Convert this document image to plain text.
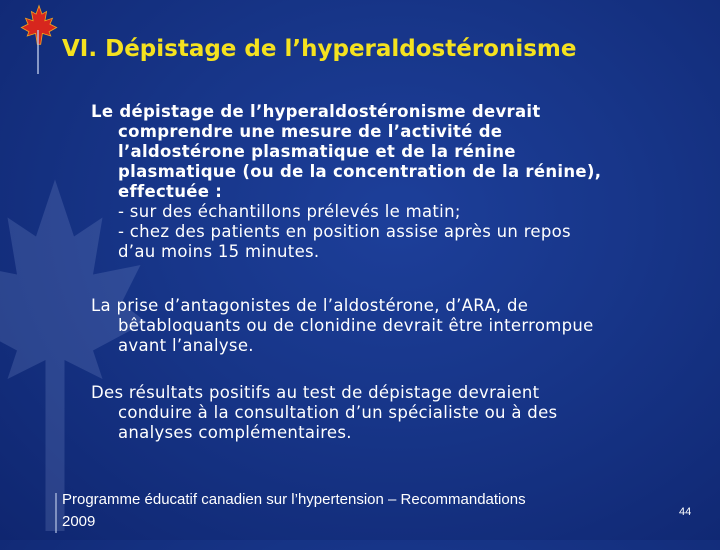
VI. Dépistage de l’hyperaldostéronisme
Le dépistage de l’hyperaldostéronisme devrait
comprendre une mesure de l’activité de
l’aldostérone plasmatique et de la rénine
plasmatique (ou de la concentration de la rénine),
effectuée :
- sur des échantillons prélevés le matin;
- chez des patients en position assise après un repos
d’au moins 15 minutes.
La prise d’antagonistes de l’aldostérone, d’ARA, de
bêtabloquants ou de clonidine devrait être interrompue
avant l’analyse.
Des résultats positifs au test de dépistage devraient
conduire à la consultation d’un spécialiste ou à des
analyses complémentaires.
Programme éducatif canadien sur l’hypertension – Recommandations
2009
44
